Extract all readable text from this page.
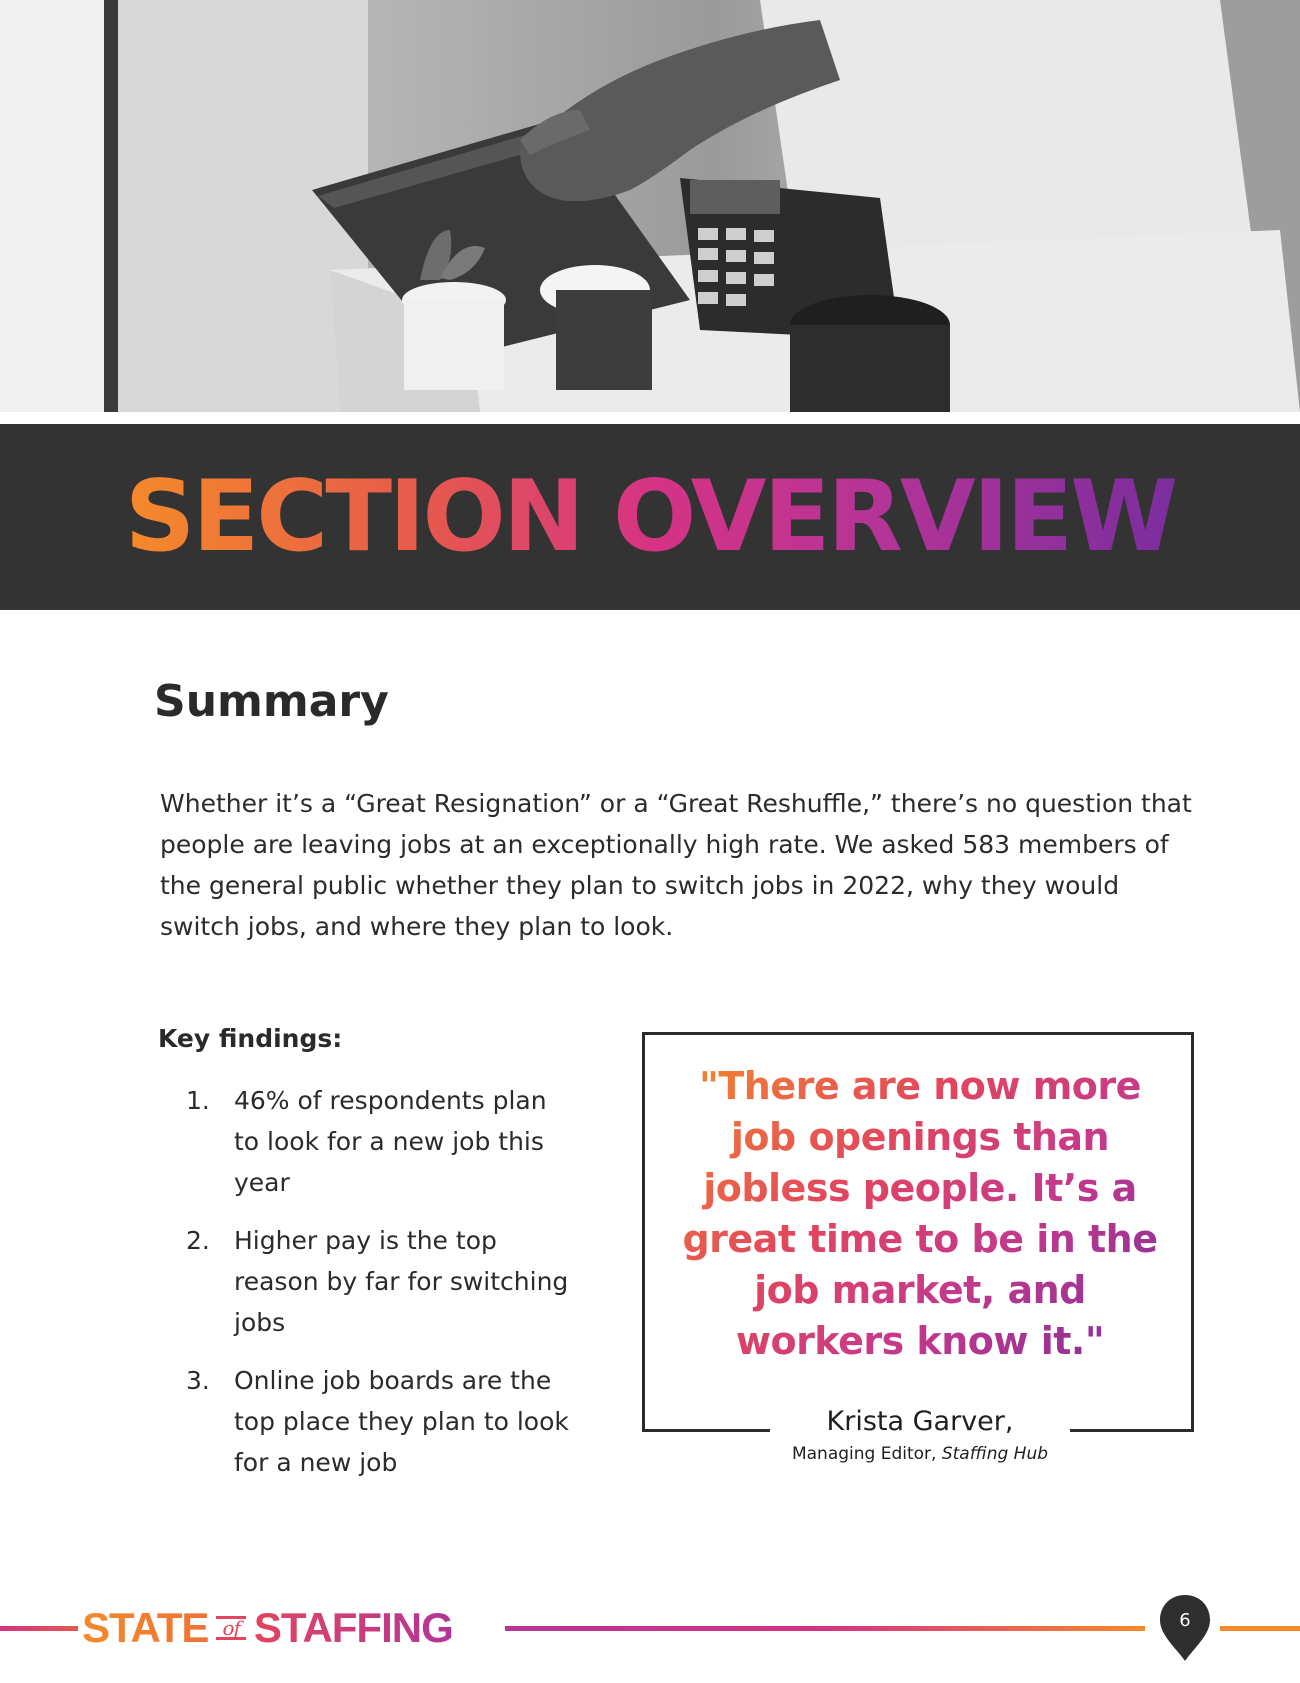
SECTION OVERVIEW
Summary

Whether it’s a “Great Resignation” or a “Great Reshuffle,” there’s no question that people are leaving jobs at an exceptionally high rate. We asked 583 members of the general public whether they plan to switch jobs in 2022, why they would switch jobs, and where they plan to look.

Key findings:
1. 46% of respondents plan to look for a new job this year
2. Higher pay is the top reason by far for switching jobs
3. Online job boards are the top place they plan to look for a new job

"There are now more job openings than jobless people. It’s a great time to be in the job market, and workers know it."

Krista Garver,
Managing Editor, Staffing Hub
STATE of STAFFING	6
